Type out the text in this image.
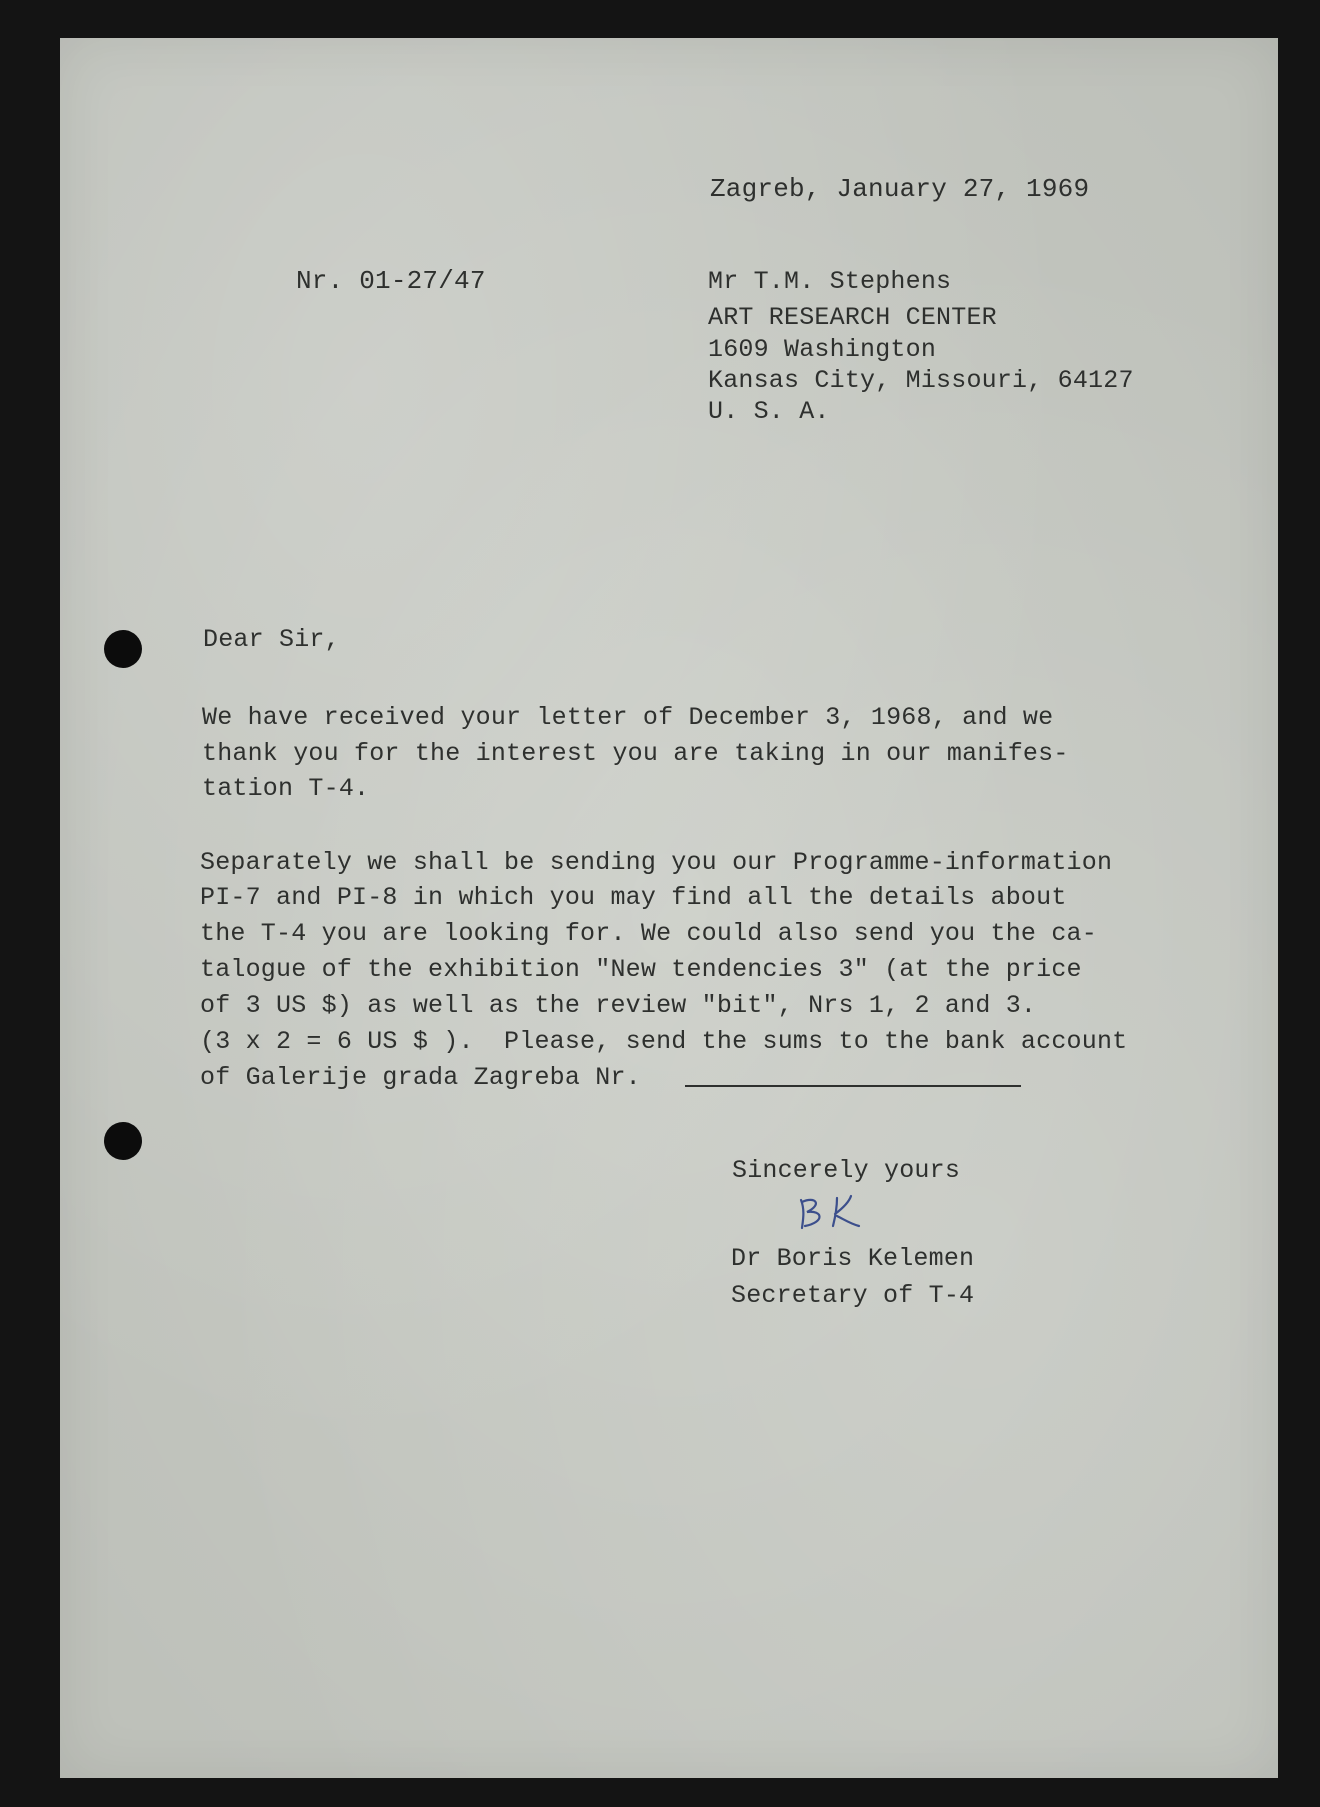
Zagreb, January 27, 1969
Nr. 01-27/47	Mr T.M. Stephens
ART RESEARCH CENTER
1609 Washington
Kansas City, Missouri, 64127
U. S. A.
Dear Sir,
We have received your letter of December 3, 1968, and we
thank you for the interest you are taking in our manifes-
tation T-4.
Separately we shall be sending you our Programme-information
PI-7 and PI-8 in which you may find all the details about
the T-4 you are looking for. We could also send you the ca-
talogue of the exhibition "New tendencies 3" (at the price
of 3 US $) as well as the review "bit", Nrs 1, 2 and 3.
(3 x 2 = 6 US $ ).  Please, send the sums to the bank account
of Galerije grada Zagreba Nr.
Sincerely yours
Dr Boris Kelemen
Secretary of T-4
